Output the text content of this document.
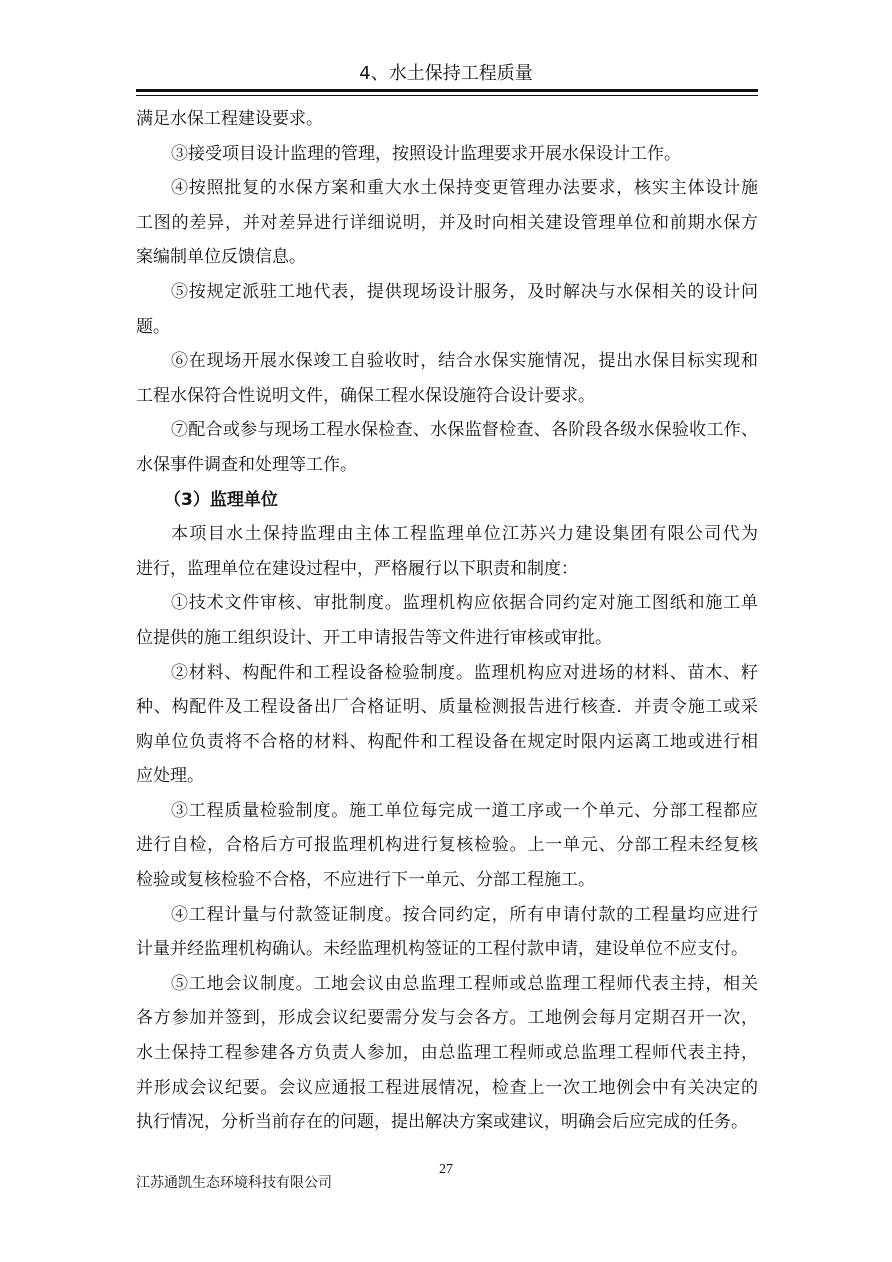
4、水土保持工程质量
满足水保工程建设要求。
③接受项目设计监理的管理，按照设计监理要求开展水保设计工作。
④按照批复的水保方案和重大水土保持变更管理办法要求，核实主体设计施
工图的差异，并对差异进行详细说明，并及时向相关建设管理单位和前期水保方
案编制单位反馈信息。
⑤按规定派驻工地代表，提供现场设计服务，及时解决与水保相关的设计问
题。
⑥在现场开展水保竣工自验收时，结合水保实施情况，提出水保目标实现和
工程水保符合性说明文件，确保工程水保设施符合设计要求。
⑦配合或参与现场工程水保检查、水保监督检查、各阶段各级水保验收工作、
水保事件调查和处理等工作。
（3）监理单位
本项目水土保持监理由主体工程监理单位江苏兴力建设集团有限公司代为
进行，监理单位在建设过程中，严格履行以下职责和制度：
①技术文件审核、审批制度。监理机构应依据合同约定对施工图纸和施工单
位提供的施工组织设计、开工申请报告等文件进行审核或审批。
②材料、构配件和工程设备检验制度。监理机构应对进场的材料、苗木、籽
种、构配件及工程设备出厂合格证明、质量检测报告进行核查．并责令施工或采
购单位负责将不合格的材料、构配件和工程设备在规定时限内运离工地或进行相
应处理。
③工程质量检验制度。施工单位每完成一道工序或一个单元、分部工程都应
进行自检，合格后方可报监理机构进行复核检验。上一单元、分部工程未经复核
检验或复核检验不合格，不应进行下一单元、分部工程施工。
④工程计量与付款签证制度。按合同约定，所有申请付款的工程量均应进行
计量并经监理机构确认。未经监理机构签证的工程付款申请，建设单位不应支付。
⑤工地会议制度。工地会议由总监理工程师或总监理工程师代表主持，相关
各方参加并签到，形成会议纪要需分发与会各方。工地例会每月定期召开一次，
水土保持工程参建各方负责人参加，由总监理工程师或总监理工程师代表主持，
并形成会议纪要。会议应通报工程进展情况，检查上一次工地例会中有关决定的
执行情况，分析当前存在的问题，提出解决方案或建议，明确会后应完成的任务。
27
江苏通凯生态环境科技有限公司
